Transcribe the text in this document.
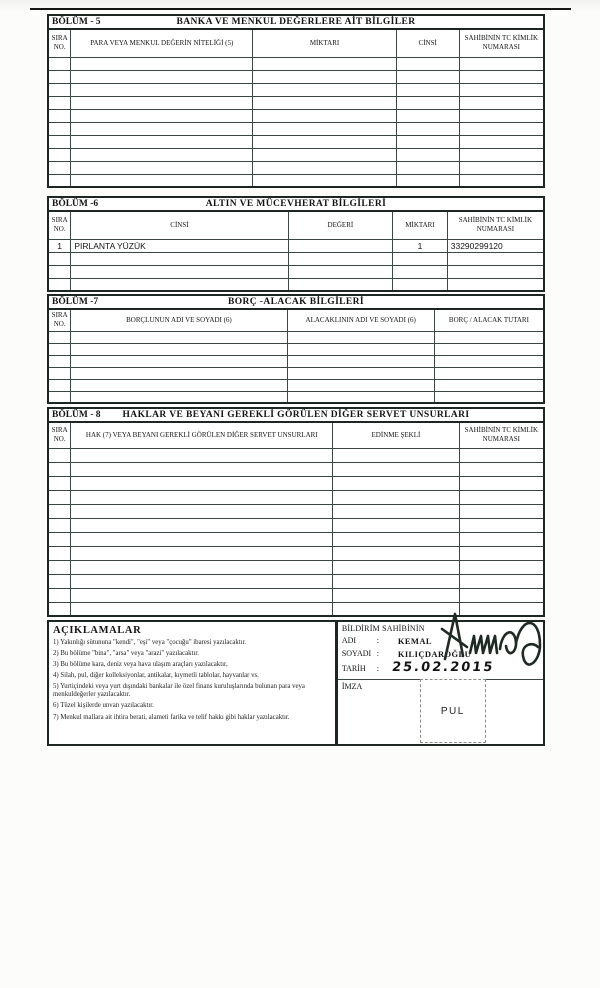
BÖLÜM - 5	BANKA VE MENKUL DEĞERLERE AİT BİLGİLER
SIRA NO.	PARA VEYA MENKUL DEĞERİN NİTELİĞİ (5)	MİKTARI	CİNSİ	SAHİBİNİN TC KİMLİK NUMARASI

BÖLÜM -6	ALTIN VE MÜCEVHERAT BİLGİLERİ
SIRA NO.	CİNSİ	DEĞERİ	MİKTARI	SAHİBİNİN TC KİMLİK NUMARASI
1	PIRLANTA YÜZÜK		1	33290299120

BÖLÜM -7	BORÇ -ALACAK BİLGİLERİ
SIRA NO.	BORÇLUNUN ADI VE SOYADI (6)	ALACAKLININ ADI VE SOYADI (6)	BORÇ / ALACAK TUTARI

BÖLÜM - 8	HAKLAR VE BEYANI GEREKLİ GÖRÜLEN DİĞER SERVET UNSURLARI
SIRA NO.	HAK (7) VEYA BEYANI GEREKLİ GÖRÜLEN DİĞER SERVET UNSURLARI	EDİNME ŞEKLİ	SAHİBİNİN TC KİMLİK NUMARASI

AÇIKLAMALAR
1) Yakınlığı sütununa "kendi", "eşi" veya "çocuğu" ibaresi yazılacaktır.
2) Bu bölüme "bina", "arsa" veya "arazi" yazılacaktır.
3) Bu bölüme kara, deniz veya hava ulaşım araçları yazılacaktır,
4) Silah, pul, diğer kolleksiyonlar, antikalar, kıymetli tablolar, hayvanlar vs.
5) Yurtiçindeki veya yurt dışındaki bankalar ile özel finans kuruluşlarında bulunan para veya menkuldeğerler yazılacaktır.
6) Tüzel kişilerde unvan yazılacaktır.
7) Menkul mallara ait ihtira berati, alameti farika ve telif hakkı gibi haklar yazılacaktır.
BİLDİRİM SAHİBİNİN
ADI	:	KEMAL
SOYADI :	KILIÇDAROĞLU
TARİH	: 25.02.2015
İMZA
PUL
